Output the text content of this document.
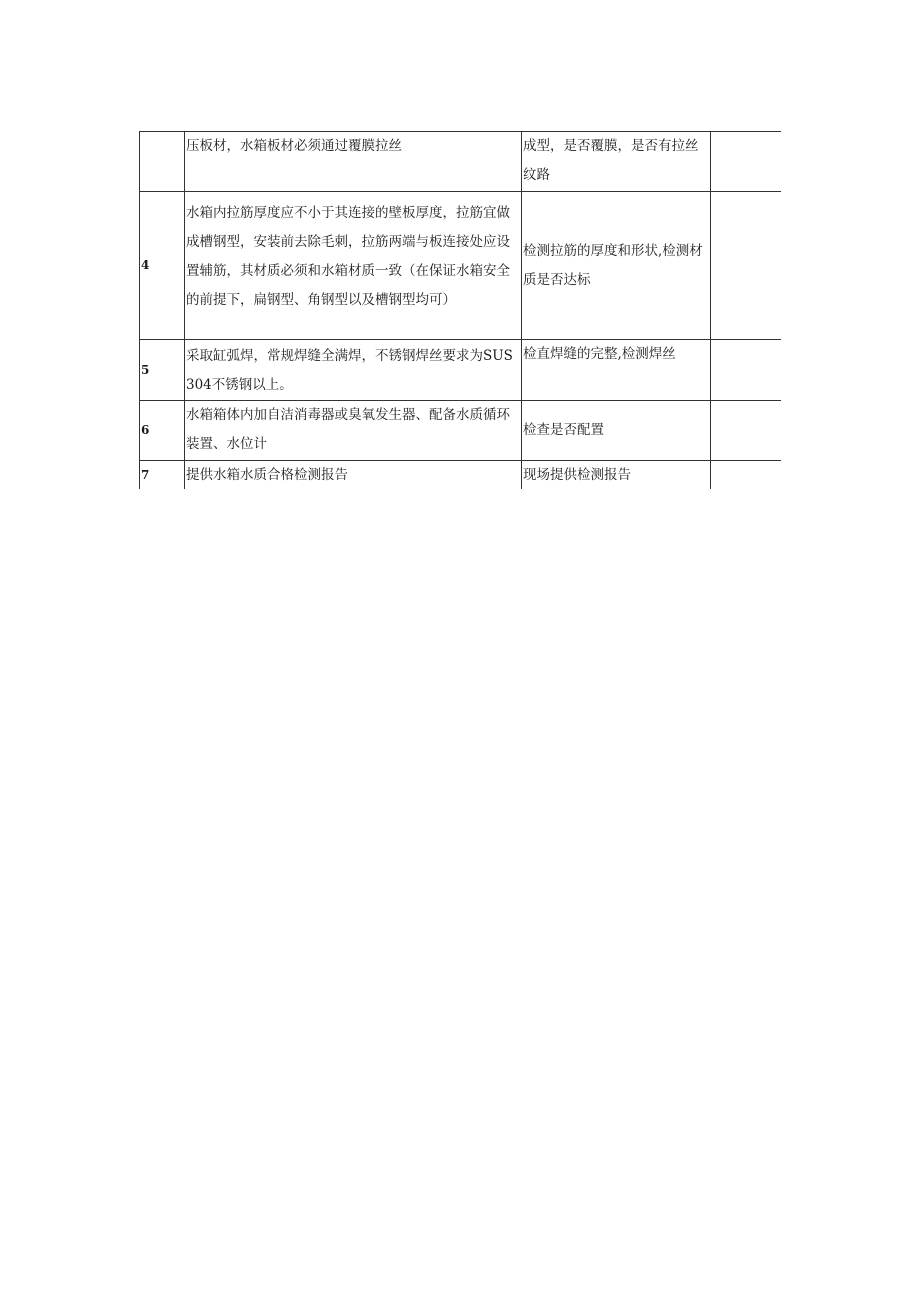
	压板材，水箱板材必须通过覆膜拉丝	成型，是否覆膜，是否有拉丝纹路	

4	水箱内拉筋厚度应不小于其连接的壁板厚度，拉筋宜做成槽钢型，安装前去除毛刺，拉筋两端与板连接处应设置辅筋，其材质必须和水箱材质一致（在保证水箱安全的前提下，扁钢型、角钢型以及槽钢型均可）	检测拉筋的厚度和形状,检测材质是否达标	

5	采取缸弧焊，常规焊缝全满焊，不锈钢焊丝要求为SUS304不锈钢以上。	检直焊缝的完整,检测焊丝	

6	水箱箱体内加自洁消毒器或臭氧发生器、配备水质循环装置、水位计	检查是否配置	

7	提供水箱水质合格检测报告	现场提供检测报告	
